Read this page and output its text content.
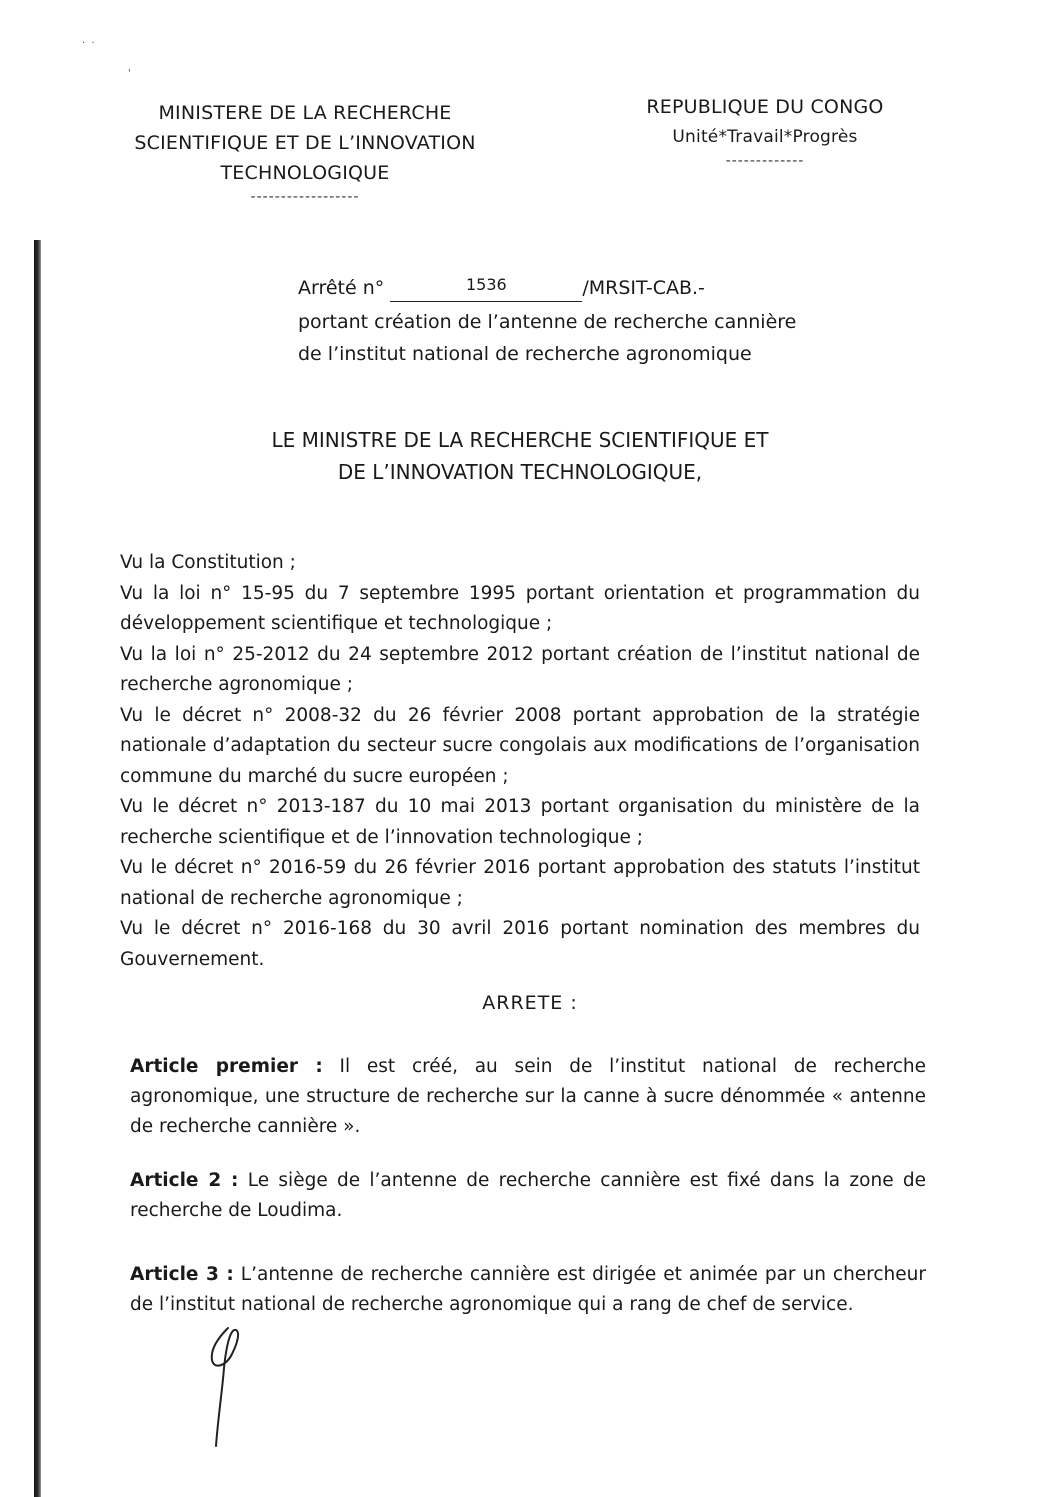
·  ·
'
MINISTERE DE LA RECHERCHE
SCIENTIFIQUE ET DE L’INNOVATION
TECHNOLOGIQUE
------------------
REPUBLIQUE DU CONGO
Unité*Travail*Progrès
-------------
Arrêté n°	1536	/MRSIT-CAB.-
portant création de l’antenne de recherche cannière
de l’institut national de recherche agronomique
LE MINISTRE DE LA RECHERCHE SCIENTIFIQUE ET
DE L’INNOVATION TECHNOLOGIQUE,

Vu la Constitution ;

Vu la loi n° 15-95 du 7 septembre 1995 portant orientation et programmation du développement scientifique et technologique ;

Vu la loi n° 25-2012 du 24 septembre 2012 portant création de l’institut national de recherche agronomique ;

Vu le décret n° 2008-32 du 26 février 2008 portant approbation de la stratégie nationale d’adaptation du secteur sucre congolais aux modifications de l’organisation commune du marché du sucre européen ;

Vu le décret n° 2013-187 du 10 mai 2013 portant organisation du ministère de la recherche scientifique et de l’innovation technologique ;

Vu le décret n° 2016-59 du 26 février 2016 portant approbation des statuts l’institut national de recherche agronomique ;

Vu le décret n° 2016-168 du 30 avril 2016 portant nomination des membres du Gouvernement.

ARRETE :
Article premier : Il est créé, au sein de l’institut national de recherche agronomique, une structure de recherche sur la canne à sucre dénommée « antenne de recherche cannière ».
Article 2 : Le siège de l’antenne de recherche cannière est fixé dans la zone de recherche de Loudima.
Article 3 : L’antenne de recherche cannière est dirigée et animée par un chercheur de l’institut national de recherche agronomique qui a rang de chef de service.
